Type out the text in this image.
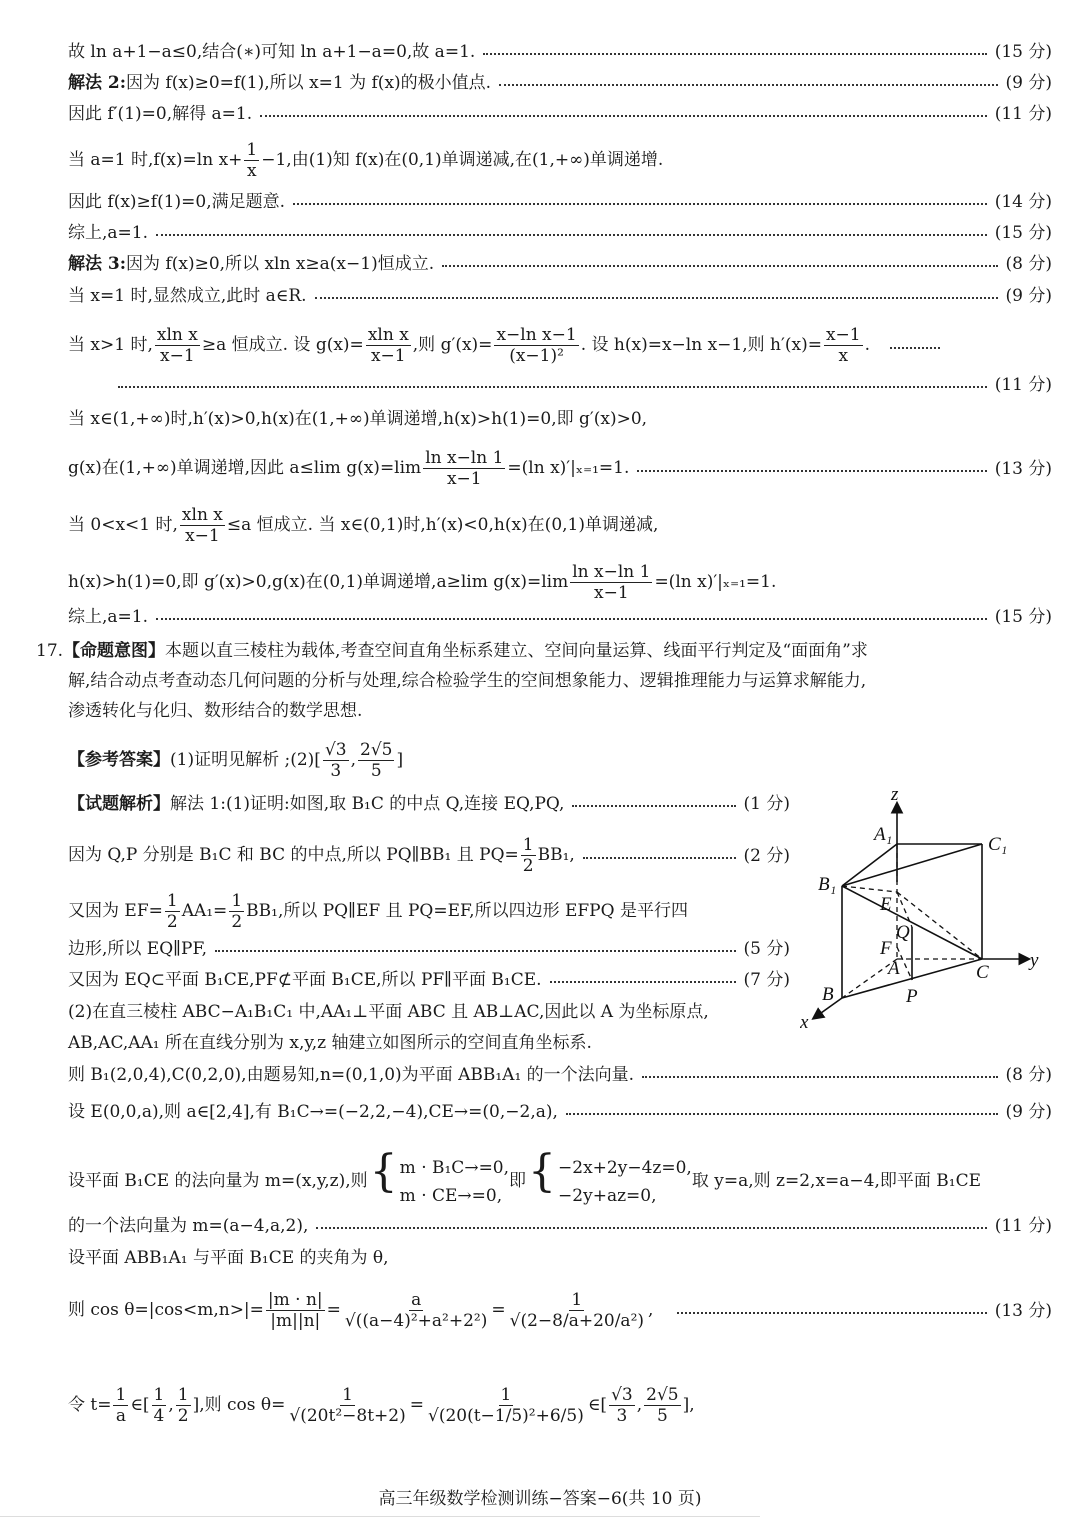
故 ln a+1−a≤0,结合(∗)可知 ln a+1−a=0,故 a=1.	(15 分)
解法 2:因为 f(x)≥0=f(1),所以 x=1 为 f(x)的极小值点.	(9 分)
因此 f′(1)=0,解得 a=1.	(11 分)
当 a=1 时,f(x)=ln $x+ \frac{1}{x} -1$,由(1)知 f(x)在(0,1)单调递减,在(1,+∞)单调递增.
因此 f(x)≥f(1)=0,满足题意.	(14 分)
综上,a=1.	(15 分)
解法 3:因为 f(x)≥0,所以 xln x≥a(x−1)恒成立.	(8 分)
当 x=1 时,显然成立,此时 a∈R.	(9 分)
当 x>1 时, $\frac{\text{xln x}}{x-1} \ge a$ 恒成立. 设 $g(x)= \frac{\text{xln x}}{x-1}$ ,则 $g'(x)= \frac{\text{x−ln x−1}}{\text{(x−1)²}}$ . 设 h(x)=x−ln x−1,则 $h'(x)= \frac{x-1}{x}$ .
(11 分)
当 x∈(1,+∞)时,h′(x)>0,h(x)在(1,+∞)单调递增,h(x)>h(1)=0,即 g′(x)>0,
g(x)在(1,+∞)单调递增,因此 a≤lim $g(x)=\lim \frac{\text{ln x−ln 1}}{x-1} =(\ln$ x)′|ₓ₌₁=1.	(13 分)
当 0<x<1 时, $\frac{\text{xln x}}{x-1} \le a$ 恒成立. 当 x∈(0,1)时,h′(x)<0,h(x)在(0,1)单调递减,
h(x)>h(1)=0,即 g′(x)>0,g(x)在(0,1)单调递增,a≥lim $g(x)=\lim \frac{\text{ln x−ln 1}}{x-1} =(\ln$ x)′|ₓ₌₁=1.
综上,a=1.	(15 分)
17.【命题意图】本题以直三棱柱为载体,考查空间直角坐标系建立、空间向量运算、线面平行判定及“面面角”求
解,结合动点考查动态几何问题的分析与处理,综合检验学生的空间想象能力、逻辑推理能力与运算求解能力,
渗透转化与化归、数形结合的数学思想.
【参考答案】(1)证明见解析 ;(2)[ $\frac{√3}{3}$ , $\frac{2√5}{5}$ ]
【试题解析】解法 1:(1)证明:如图,取 B₁C 的中点 Q,连接 EQ,PQ,	(1 分)
因为 Q,P 分别是 B₁C 和 BC 的中点,所以 PQ∥BB₁ 且 $PQ= \frac{1}{2} BB_1$,	(2 分)
又因为 $EF= \frac{1}{2} AA_1= \frac{1}{2} BB_1$,所以 PQ∥EF 且 PQ=EF,所以四边形 EFPQ 是平行四
边形,所以 EQ∥PF,	(5 分)
又因为 EQ⊂平面 B₁CE,PF⊄平面 B₁CE,所以 PF∥平面 B₁CE.	(7 分)
(2)在直三棱柱 ABC−A₁B₁C₁ 中,AA₁⊥平面 ABC 且 AB⊥AC,因此以 A 为坐标原点,
AB,AC,AA₁ 所在直线分别为 x,y,z 轴建立如图所示的空间直角坐标系.
则 B₁(2,0,4),C(0,2,0),由题易知,n=(0,1,0)为平面 ABB₁A₁ 的一个法向量.	(8 分)
设 E(0,0,a),则 a∈[2,4],有 B₁C→=(−2,2,−4),CE→=(0,−2,a),	(9 分)
设平面 B₁CE 的法向量为 m=(x,y,z),则{ m · B₁C→=0,
m · CE→=0,
即{ −2x+2y−4z=0,
−2y+az=0,
取 y=a,则 z=2,x=a−4,即平面 B₁CE
的一个法向量为 m=(a−4,a,2),	(11 分)
设平面 ABB₁A₁ 与平面 B₁CE 的夹角为 θ,
则 $\cos \theta=|\cos<m,n>|= \frac{|m \cdot n|}{|m||n|} = \frac{a}{\text{√((a−4)²+a²+2²)}} = \frac{1}{\text{√(2−8/a+20/a²)}}$ ,	(13 分)
令 $t= \frac{1}{a}$ ∈[ $\frac{1}{4}$ , $\frac{1}{2}$ ],则 $\cos \theta= \frac{1}{\text{√(20t²−8t+2)}} = \frac{1}{\text{√(20(t−1/5)²+6/5)}}$ ∈[ $\frac{√3}{3}$ , $\frac{2√5}{5}$ ],
z
y
x
A₁	C₁
B₁
E
Q
F
A	C
B	P
高三年级数学检测训练−答案−6(共 10 页)
